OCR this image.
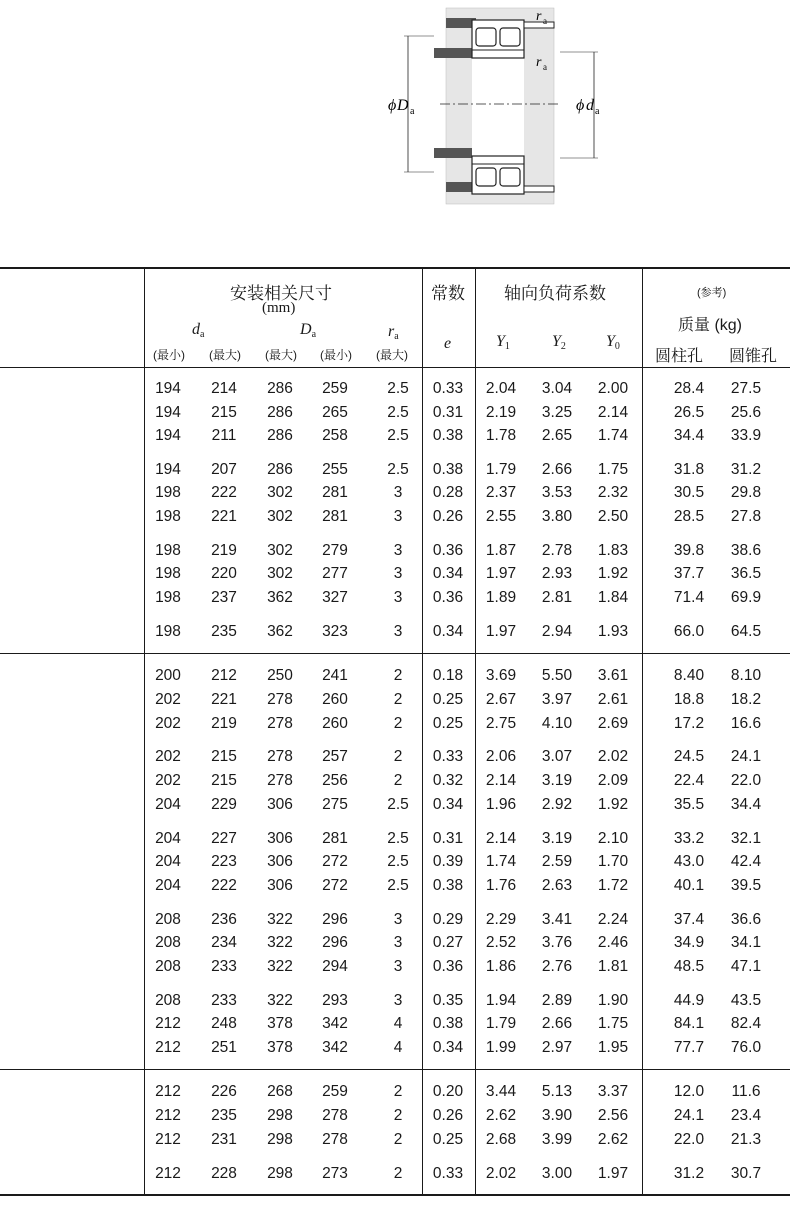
r a
r a
ϕ D a	ϕ d a
安装相关尺寸
(mm)
$d_a$	$D_a$	$r_a$
(最小) (最大) (最大) (最小) (最大)
常数
e
轴向负荷系数
$Y_1$	$Y_2$	$Y_0$
(参考)
质量 (kg)
圆柱孔 圆锥孔
194 214 286 259	2.5 0.33 2.04 3.04 2.00	28.4 27.5
194 215 286 265	2.5 0.31 2.19 3.25 2.14	26.5 25.6
194 211 286 258	2.5 0.38 1.78 2.65 1.74	34.4 33.9
194 207 286 255	2.5 0.38 1.79 2.66 1.75	31.8 31.2
198 222 302 281	3 0.28 2.37 3.53 2.32	30.5 29.8
198 221 302 281	3 0.26 2.55 3.80 2.50	28.5 27.8
198 219 302 279	3 0.36 1.87 2.78 1.83	39.8 38.6
198 220 302 277	3 0.34 1.97 2.93 1.92	37.7 36.5
198 237 362 327	3 0.36 1.89 2.81 1.84	71.4 69.9
198 235 362 323	3 0.34 1.97 2.94 1.93	66.0 64.5
200 212 250 241	2 0.18 3.69 5.50 3.61	8.40 8.10
202 221 278 260	2 0.25 2.67 3.97 2.61	18.8 18.2
202 219 278 260	2 0.25 2.75 4.10 2.69	17.2 16.6
202 215 278 257	2 0.33 2.06 3.07 2.02	24.5 24.1
202 215 278 256	2 0.32 2.14 3.19 2.09	22.4 22.0
204 229 306 275	2.5 0.34 1.96 2.92 1.92	35.5 34.4
204 227 306 281	2.5 0.31 2.14 3.19 2.10	33.2 32.1
204 223 306 272	2.5 0.39 1.74 2.59 1.70	43.0 42.4
204 222 306 272	2.5 0.38 1.76 2.63 1.72	40.1 39.5
208 236 322 296	3 0.29 2.29 3.41 2.24	37.4 36.6
208 234 322 296	3 0.27 2.52 3.76 2.46	34.9 34.1
208 233 322 294	3 0.36 1.86 2.76 1.81	48.5 47.1
208 233 322 293	3 0.35 1.94 2.89 1.90	44.9 43.5
212 248 378 342	4 0.38 1.79 2.66 1.75	84.1 82.4
212 251 378 342	4 0.34 1.99 2.97 1.95	77.7 76.0
212 226 268 259	2 0.20 3.44 5.13 3.37	12.0 11.6
212 235 298 278	2 0.26 2.62 3.90 2.56	24.1 23.4
212 231 298 278	2 0.25 2.68 3.99 2.62	22.0 21.3
212 228 298 273	2 0.33 2.02 3.00 1.97	31.2 30.7
